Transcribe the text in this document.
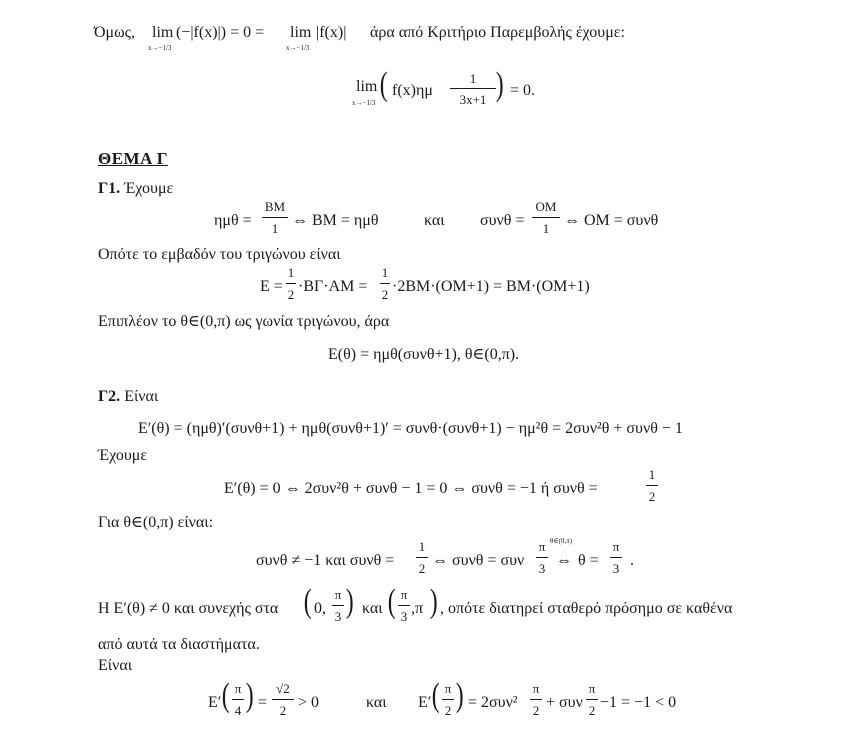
Όμως, lim
x→−1/3
(−|f(x)|) = 0 = lim
x→−1/3
|f(x)| άρα από Κριτήριο Παρεμβολής έχουμε:
lim
x→−1/3 ( f(x)ημ
1
3x+1 ) = 0.
ΘΕΜΑ Γ
Γ1. Έχουμε
ημθ =
BM
1 ⇔ BM = ημθ	και συνθ =
OM
1 ⇔ OM = συνθ
Οπότε το εμβαδόν του τριγώνου είναι
E =
1
2 ·BΓ·AM =
1
2 ·2BM·(OM+1) = BM·(OM+1)
Επιπλέον το θ∈(0,π) ως γωνία τριγώνου, άρα
E(θ) = ημθ(συνθ+1), θ∈(0,π).
Γ2. Είναι
E′(θ) = (ημθ)′(συνθ+1) + ημθ(συνθ+1)′ = συνθ·(συνθ+1) − ημ²θ = 2συν²θ + συνθ − 1
Έχουμε
E′(θ) = 0 ⇔ 2συν²θ + συνθ − 1 = 0 ⇔ συνθ = −1 ή συνθ =
1
2
Για θ∈(0,π) είναι:
συνθ ≠ −1 και συνθ =
1
2 ⇔ συνθ = συν
π
3
θ∈(0,π)
⇔ θ =
π
3 .
Η E′(θ) ≠ 0 και συνεχής στα ( 0,
π
3 ) και ( π
3 ,π ) , οπότε διατηρεί σταθερό πρόσημο σε καθένα
από αυτά τα διαστήματα.
Είναι
E′ ( π
4 ) =
√2
2 > 0	και E′ ( π
2 ) = 2συν²
π
2 + συν
π
2 −1 = −1 < 0
